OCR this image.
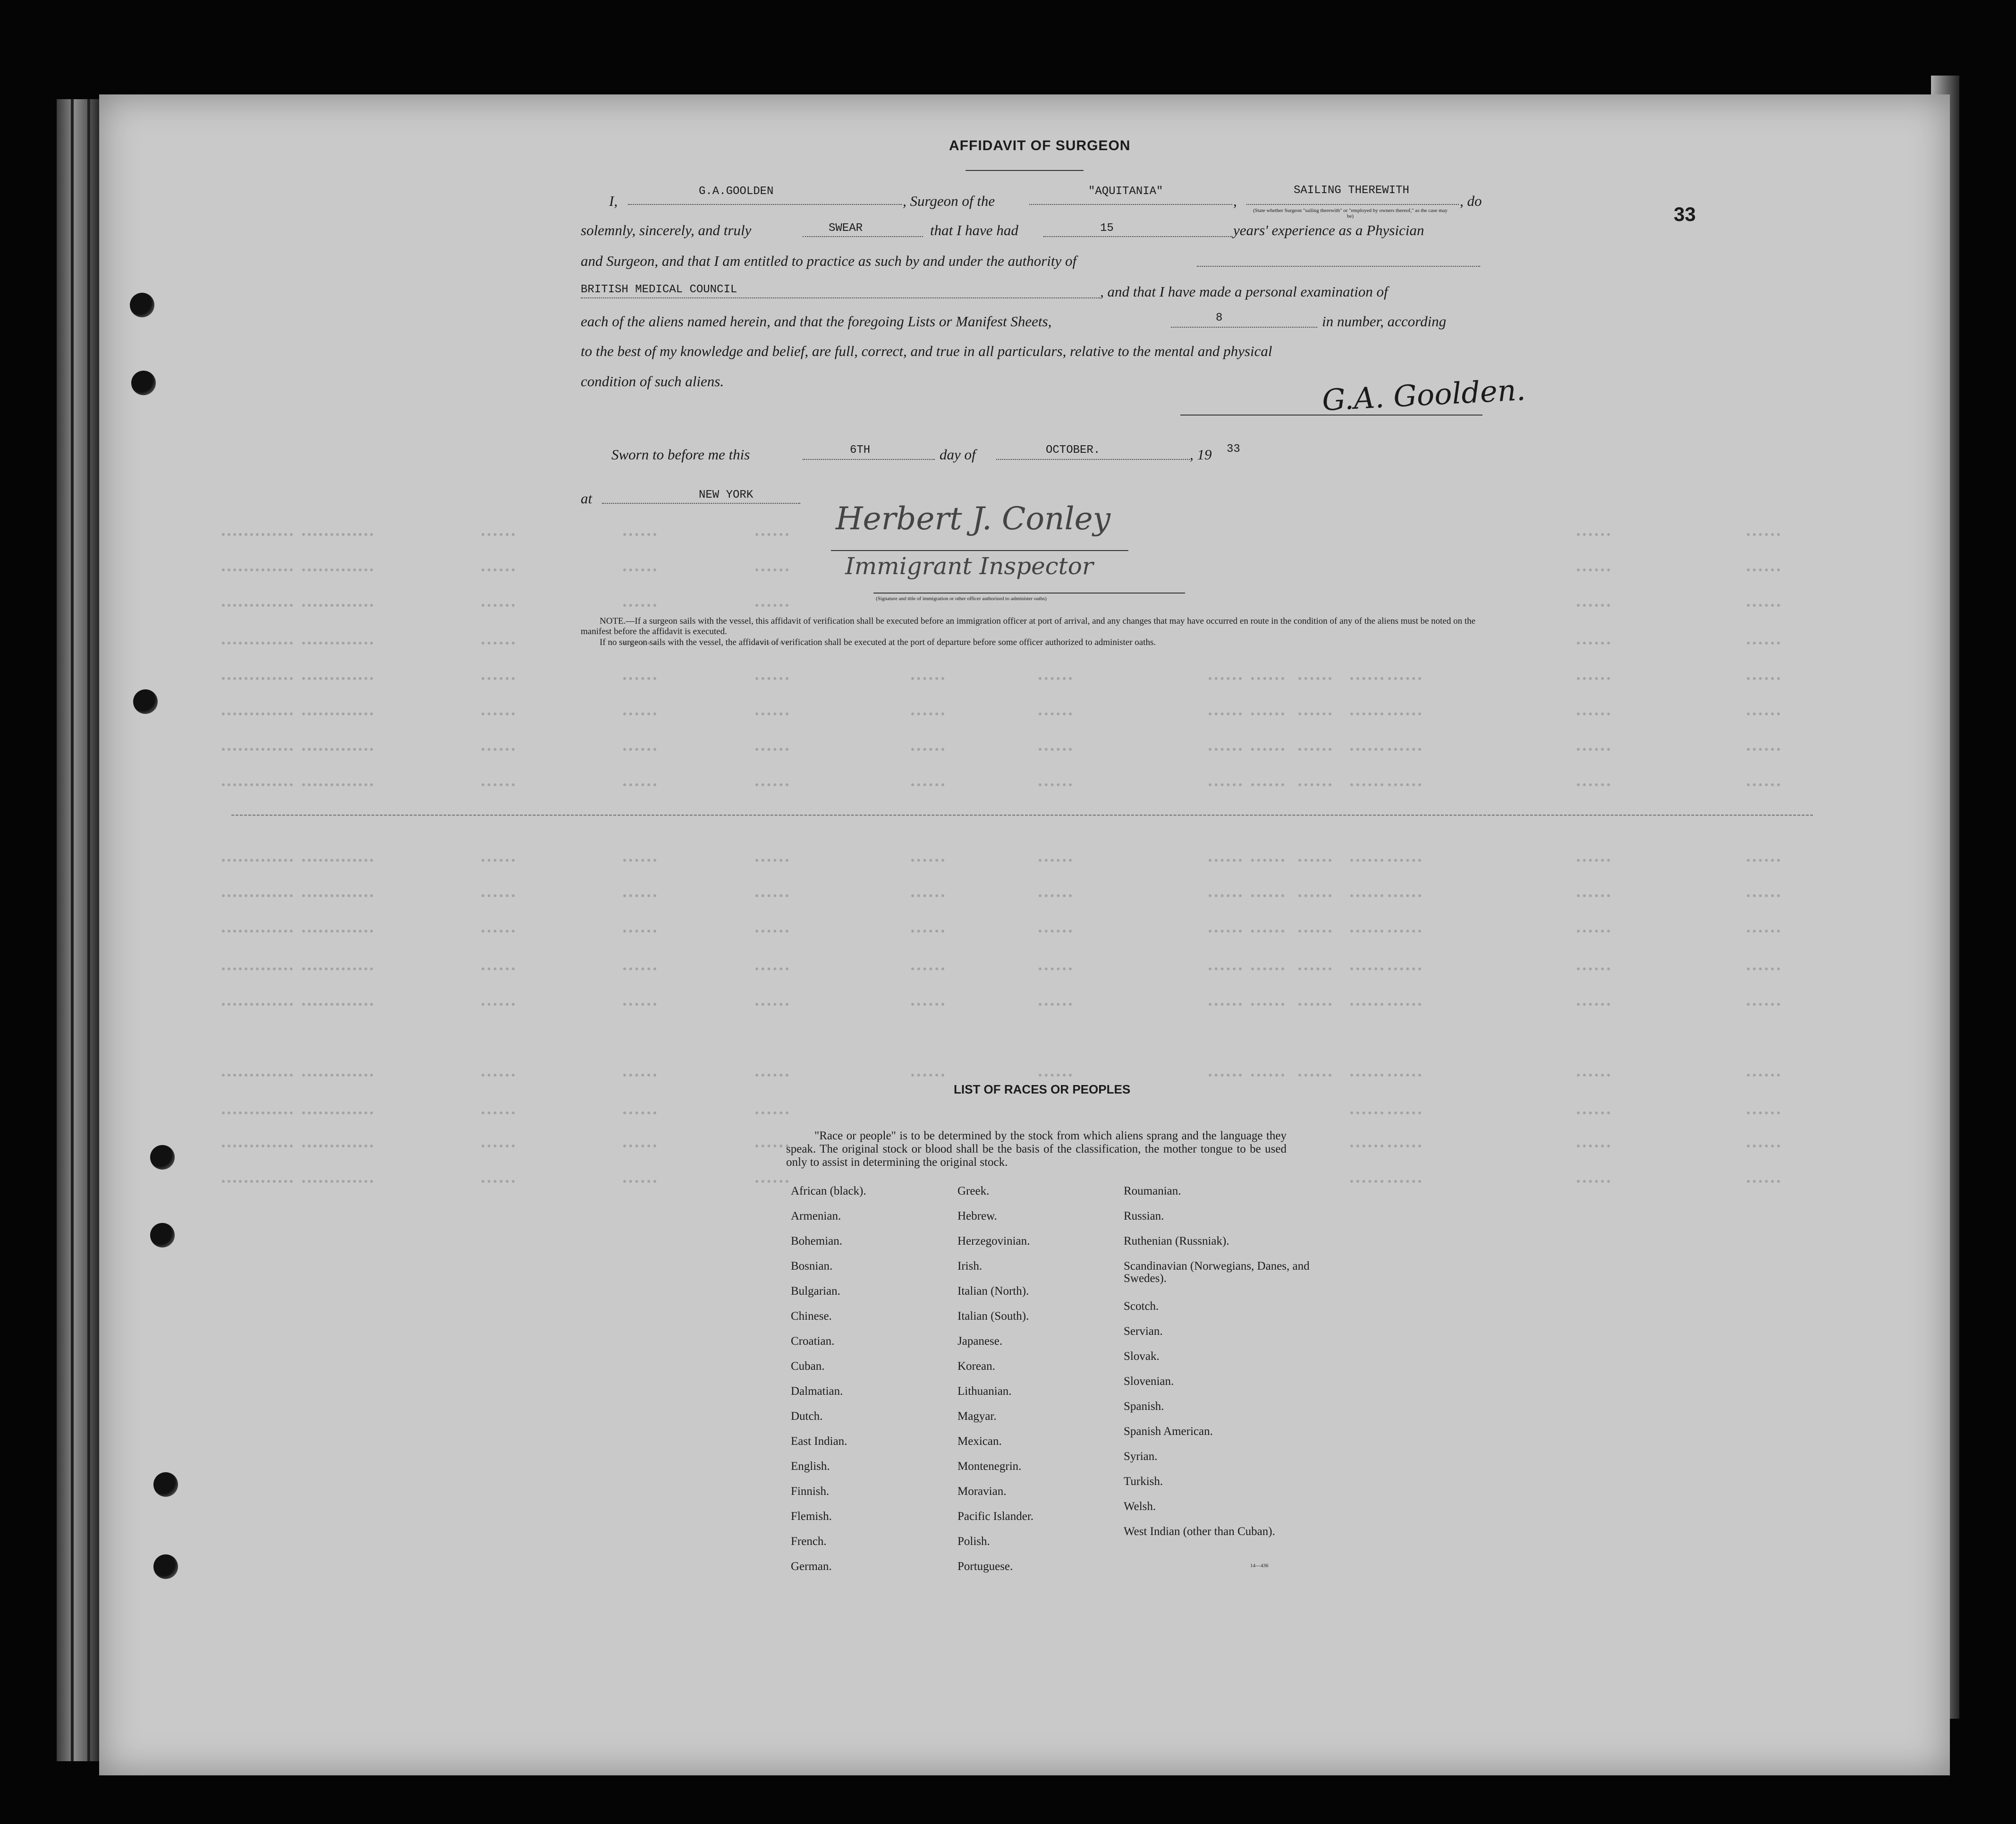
33
AFFIDAVIT OF SURGEON
I,
G.A.GOOLDEN
, Surgeon of the
"AQUITANIA"
,
SAILING THEREWITH
(State whether Surgeon "sailing therewith" or "employed by owners thereof," as the case may be)
, do
solemnly, sincerely, and truly	SWEAR	that I have had	15	years' experience as a Physician
and Surgeon, and that I am entitled to practice as such by and under the authority of
BRITISH MEDICAL COUNCIL	, and that I have made a personal examination of
each of the aliens named herein, and that the foregoing Lists or Manifest Sheets,	8	in number, according
to the best of my knowledge and belief, are full, correct, and true in all particulars, relative to the mental and physical
condition of such aliens.	G.A. Goolden.
Sworn to before me this	6TH	day of	OCTOBER.	, 19 33
at	NEW YORK
Herbert J. Conley
Immigrant Inspector
(Signature and title of immigration or other officer authorized to administer oaths)
NOTE.—If a surgeon sails with the vessel, this affidavit of verification shall be executed before an immigration officer at port of arrival, and any changes that may have occurred en route in the condition of any of the aliens must be noted on the manifest before the affidavit is executed.
If no surgeon sails with the vessel, the affidavit of verification shall be executed at the port of departure before some officer authorized to administer oaths.
LIST OF RACES OR PEOPLES
"Race or people" is to be determined by the stock from which aliens sprang and the language they speak. The original stock or blood shall be the basis of the classification, the mother tongue to be used only to assist in determining the original stock.
African (black).
Armenian.
Bohemian.
Bosnian.
Bulgarian.
Chinese.
Croatian.
Cuban.
Dalmatian.
Dutch.
East Indian.
English.
Finnish.
Flemish.
French.
German.
Greek.
Hebrew.
Herzegovinian.
Irish.
Italian (North).
Italian (South).
Japanese.
Korean.
Lithuanian.
Magyar.
Mexican.
Montenegrin.
Moravian.
Pacific Islander.
Polish.
Portuguese.
Roumanian.
Russian.
Ruthenian (Russniak).
Scandinavian (Norwegians, Danes, and Swedes).
Scotch.
Servian.
Slovak.
Slovenian.
Spanish.
Spanish American.
Syrian.
Turkish.
Welsh.
West Indian (other than Cuban).
14—436
